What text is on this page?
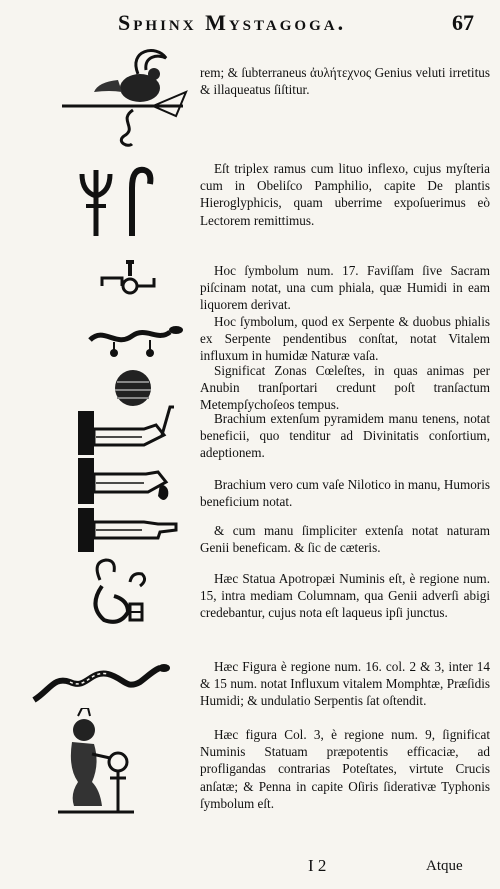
Sphinx Mystagoga.	67

rem; & ſubterraneus ἀυλήτεχνος Genius veluti irretitus & illaqueatus ſiſtitur.

Eſt triplex ramus cum lituo inflexo, cujus myſteria cum in Obeliſco Pamphilio, capite De plantis Hieroglyphicis, quam uberrime expoſuerimus eò Lectorem remittimus.

Hoc ſymbolum num. 17. Faviſſam ſive Sacram piſcinam notat, una cum phiala, quæ Humidi in eam liquorem derivat.

Hoc ſymbolum, quod ex Serpente & duobus phialis ex Serpente pendentibus conſtat, notat Vitalem influxum in humidæ Naturæ vaſa.

Significat Zonas Cœleſtes, in quas animas per Anubin tranſportari credunt poſt tranſactum Metempſychoſeos tempus.

Brachium extenſum pyramidem manu tenens, notat beneficii, quo tenditur ad Divinitatis conſortium, adeptionem.

Brachium vero cum vaſe Nilotico in manu, Humoris beneficium notat.

& cum manu ſimpliciter extenſa notat naturam Genii beneficam. & ſic de cæteris.

Hæc Statua Apotropæi Numinis eſt, è regione num. 15, intra mediam Columnam, qua Genii adverſi abigi credebantur, cujus nota eſt laqueus ipſi junctus.

Hæc Figura è regione num. 16. col. 2 & 3, inter 14 & 15 num. notat Influxum vitalem Momphtæ, Præſidis Humidi; & undulatio Serpentis ſat oſtendit.

Hæc figura Col. 3, è regione num. 9, ſignificat Numinis Statuam præpotentis efficaciæ, ad profligandas contrarias Poteſtates, virtute Crucis anſatæ; & Penna in capite Oſiris ſiderativæ Typhonis ſymbolum eſt.

I 2	Atque
